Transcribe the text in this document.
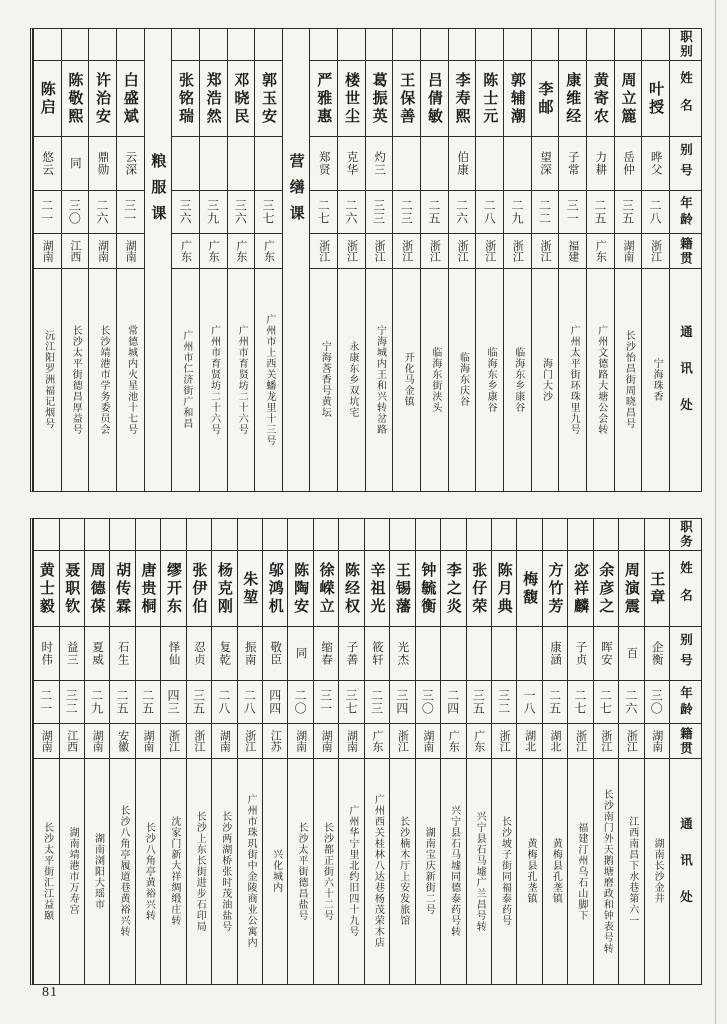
职别
姓名
别号
年龄
籍贯
通讯处
叶授
晔父
二八
浙江
宁海珠香
周立簏
岳仲
三五
湖南
长沙怡昌街周晓昌号
黄寄农
力耕
二五
广东
广州文德路大塘公会转
康维经
子常
三一
福建
广州太平街环珠里九号
李邮
望深
二二
浙江
海门大沙
郭辅潮
二九
浙江
临海东乡康谷
陈士元
二八
浙江
临海东乡康谷
李寿熙
伯康
二六
浙江
临海东庆谷
吕倩敏
二五
浙江
临海东街浃头
王保善
二三
浙江
开化马金镇
葛振英
灼三
三三
浙江
宁海城内王和兴转岔路
楼世尘
克华
二六
浙江
永康东乡双坑宅
严雅惠
郑贤
二七
浙江
宁海莟香号黄坛
营缮课
郭玉安
三七
广东
广州市上西关蟠龙里十三号
邓晓民
三六
广东
广州市育贤坊二十六号
郑浩然
三九
广东
广州市育贤坊二十六号
张铭瑞
三六
广东
广州市仁济街广和昌
粮服课
白盛斌
云深
三一
湖南
常德城内火星池十七号
许治安
鼎勋
二六
湖南
长沙靖港市学务委员会
陈敬熙
同
三〇
江西
长沙太平街德昌厚益号
陈启
悠云
二一
湖南
沅江阳罗洲福记烟号
职务
姓名
别号
年龄
籍贯
通讯处
王章
企衡
三〇
湖南
湖南长沙金井
周演震
百
二六
浙江
江西南昌下水巷第六一
余彦之
晖安
二七
浙江
长沙南门外天鹅塘磨政和钟表号转
宓祥麟
子贞
二七
浙江
福建汀州乌石山脚下
方竹芳
康涵
二五
湖北
黄梅县孔垄镇
梅馥
一八
湖北
黄梅县孔垄镇
陈月典
三二
浙江
长沙坡子街同福泰药号
张仔荣
三五
广东
兴宁县石马墟广兰昌号转
李之炎
二四
广东
兴宁县石马墟同德泰药号转
钟毓衡
三〇
湖南
湖南宝庆新街二号
王锡藩
光杰
三四
浙江
长沙楠木厅上安发旅馆
辛祖光
筱轩
二三
广东
广州西关桂林八达巷杨茂荣木店
陈经权
子善
三七
湖南
广州华宁里北约旧四十九号
徐嵘立
缩春
三一
湖南
长沙都正街六十二号
陈陶安
同
二〇
湖南
长沙太平街德昌盐号
邬鸿机
敬臣
四四
江苏
兴化城内
朱堃
振南
二八
浙江
广州市珠玑街中金陵商业公寓内
杨克刚
复乾
二八
湖南
长沙两湖桥张时茂油盐号
张伊伯
忍贞
三五
浙江
长沙上东长街进步石印局
缪开东
怿仙
四三
浙江
沈家门新大祥绸缎庄转
唐贵桐
二五
湖南
长沙八角亭黄裕兴转
胡传霖
石生
二五
安徽
长沙八角亭履道巷黄裕兴转
周德葆
夏威
二九
湖南
湖南浏阳大瑶市
聂职钦
益三
三二
江西
湖南靖港市万寿宫
黄士毅
时伟
二一
湖南
长沙太平街汇江益颐
81
